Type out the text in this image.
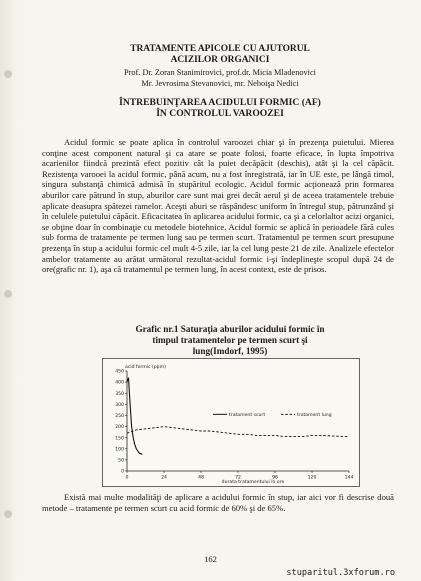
TRATAMENTE APICOLE CU AJUTORUL
ACIZILOR ORGANICI
Prof. Dr. Zoran Stanimirovici, prof.dr. Micia Mladenovici
Mr. Jevrosima Stevanovici, mr. Neboişa Nedici
ÎNTREBUINŢAREA ACIDULUI FORMIC (AF)
ÎN CONTROLUL VAROOZEI

Acidul formic se poate aplica în controlul varoozei chiar şi în prezenţa puietului. Mierea conţine acest component natural şi ca atare se poate folosi, foarte eficace, în lupta împotriva acarienilor fiindcă prezintă efect pozitiv cât la puiet decăpăcit (deschis), atât şi la cel căpăcit. Rezistenţa varooei la acidul formic, până acum, nu a fost înregistrată, iar în UE este, pe lângă timol, singura substanţă chimică admisă în stupăritul ecologic. Acidul formic acţionează prin formarea aburilor care pătrund în stup, aburilor care sunt mai grei decât aerul şi de aceea tratamentele trebuie aplicate deasupra spătezei ramelor. Aceşti aburi se răspândesc uniform în întregul stup, pătrunzând şi în celulele puietului căpăcit. Eficacitatea în aplicarea acidului formic, ca şi a celorlaltor acizi organici, se obţine doar în combinaţie cu metodele biotehnice. Acidul formic se aplică în perioadele fără cules sub forma de tratamente pe termen lung sau pe termen scurt. Tratamentul pe termen scurt presupune prezenţa în stup a acidului formic cel mult 4-5 zile, iar la cel lung peste 21 de zile. Analizele efectelor ambelor tratamente au arătat următorul rezultat-acidul formic i-şi îndeplineşte scopul după 24 de ore(grafic nr. 1), aşa că tratamentul pe termen lung, în acest context, este de prisos.

Grafic nr.1 Saturaţia aburilor acidului formic în
timpul tratamentelor pe termen scurt şi
lung(Imdorf, 1995)
acid formic (ppm)
durata tratamentului în ore
0
50
100
150
200
250
300
350
400
450
0	24	48	72	96	120	144
tratament scurt	tratament lung

Există mai multe modalităţi de aplicare a acidului formic în stup, iar aici vor fi descrise două metode – tratamente pe termen scurt cu acid formic de 60% şi de 65%.

162
stuparitul.3xforum.ro
